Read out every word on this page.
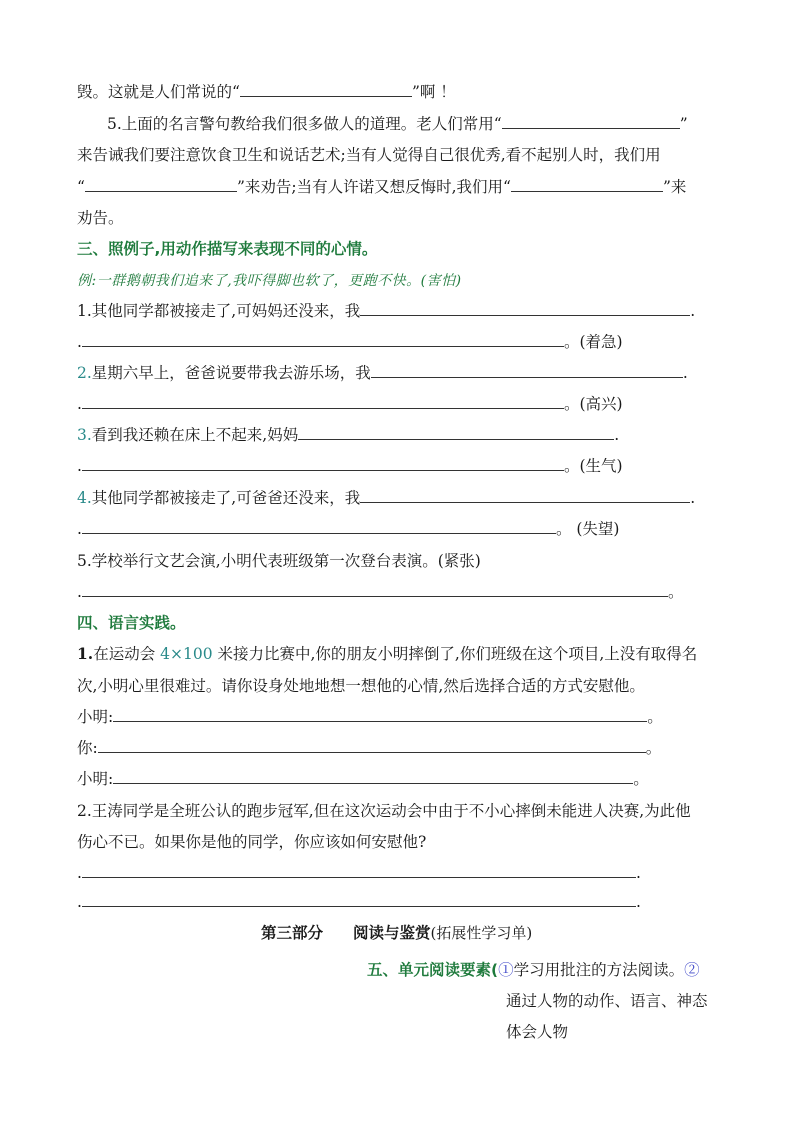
毁。这就是人们常说的“	”啊 ！
5.上面的名言警句教给我们很多做人的道理。老人们常用“	”
来告诫我们要注意饮食卫生和说话艺术;当有人觉得自己很优秀,看不起别人时，我们用
“	”来劝告;当有人许诺又想反悔时,我们用“	”来
劝告。
三、照例子,用动作描写来表现不同的心情。
例:一群鹅朝我们追来了,我吓得脚也软了，更跑不快。(害怕)
1.其他同学都被接走了,可妈妈还没来，我	.
.	。(着急)
2.星期六早上，爸爸说要带我去游乐场，我	.
.	。(高兴)
3.看到我还赖在床上不起来,妈妈	.
.	。(生气)
4.其他同学都被接走了,可爸爸还没来，我	.
.	。 (失望)
5.学校举行文艺会演,小明代表班级第一次登台表演。(紧张)
.	。
四、语言实践。
1.在运动会 4×100 米接力比赛中,你的朋友小明摔倒了,你们班级在这个项目,上没有取得名
次,小明心里很难过。请你设身处地地想一想他的心情,然后选择合适的方式安慰他。
小明:	。
你:	。
小明:	。
2.王涛同学是全班公认的跑步冠军,但在这次运动会中由于不小心摔倒未能进人决赛,为此他
伤心不已。如果你是他的同学，你应该如何安慰他?
.	.
.	.
第三部分 阅读与鉴赏(拓展性学习单)
五、单元阅读要素(①学习用批注的方法阅读。②
通过人物的动作、语言、神态
体会人物
